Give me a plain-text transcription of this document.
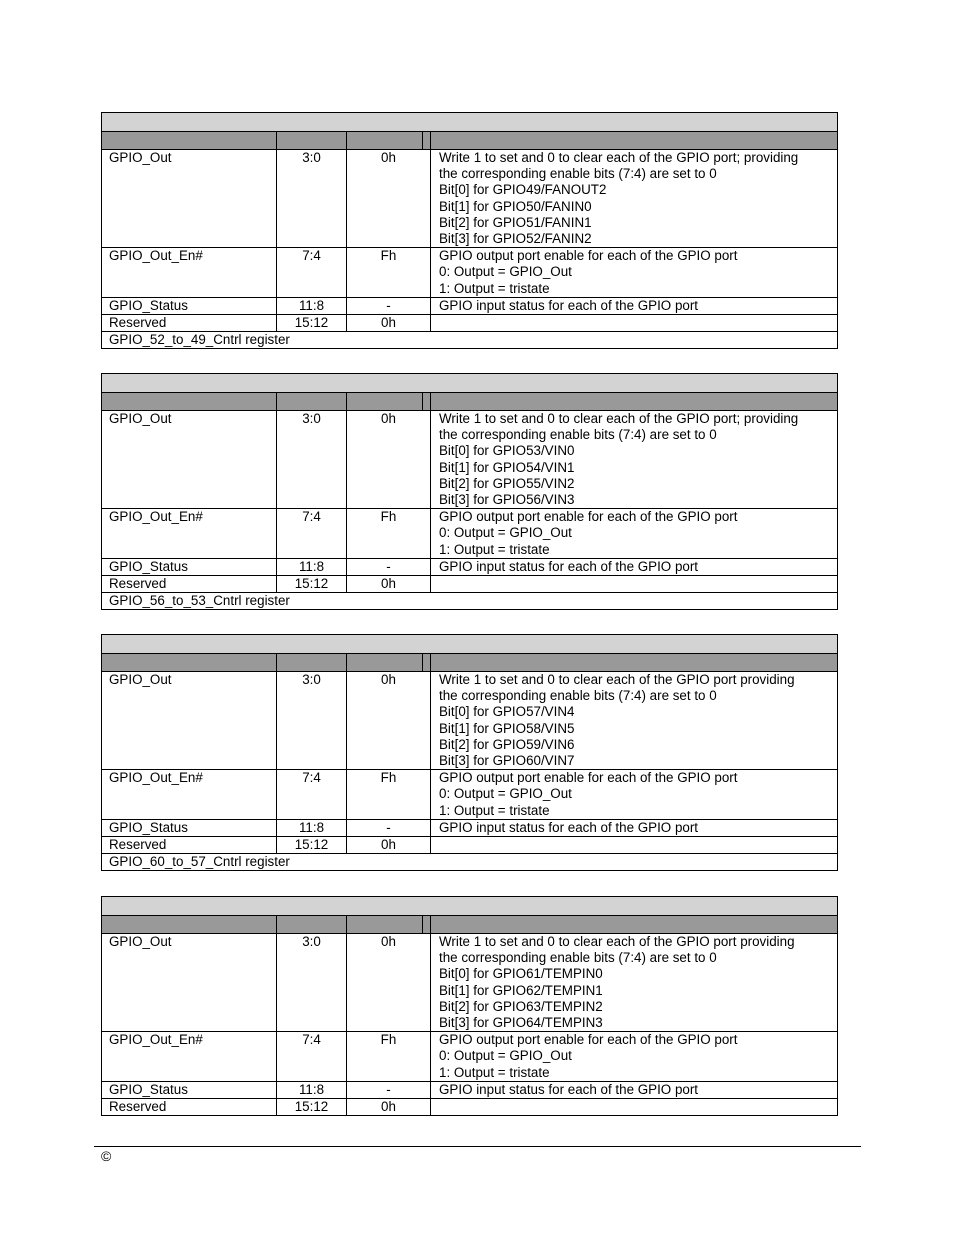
GPIO_Out	3:0	0h	Write 1 to set and 0 to clear each of the GPIO port; providing
the corresponding enable bits (7:4) are set to 0
Bit[0] for GPIO49/FANOUT2
Bit[1] for GPIO50/FANIN0
Bit[2] for GPIO51/FANIN1
Bit[3] for GPIO52/FANIN2
GPIO_Out_En#	7:4	Fh	GPIO output port enable for each of the GPIO port
0: Output = GPIO_Out
1: Output = tristate
GPIO_Status	11:8	-	GPIO input status for each of the GPIO port
Reserved	15:12	0h

GPIO_52_to_49_Cntrl register
GPIO_Out	3:0	0h	Write 1 to set and 0 to clear each of the GPIO port; providing
the corresponding enable bits (7:4) are set to 0
Bit[0] for GPIO53/VIN0
Bit[1] for GPIO54/VIN1
Bit[2] for GPIO55/VIN2
Bit[3] for GPIO56/VIN3
GPIO_Out_En#	7:4	Fh	GPIO output port enable for each of the GPIO port
0: Output = GPIO_Out
1: Output = tristate
GPIO_Status	11:8	-	GPIO input status for each of the GPIO port
Reserved	15:12	0h

GPIO_56_to_53_Cntrl register
GPIO_Out	3:0	0h	Write 1 to set and 0 to clear each of the GPIO port providing
the corresponding enable bits (7:4) are set to 0
Bit[0] for GPIO57/VIN4
Bit[1] for GPIO58/VIN5
Bit[2] for GPIO59/VIN6
Bit[3] for GPIO60/VIN7
GPIO_Out_En#	7:4	Fh	GPIO output port enable for each of the GPIO port
0: Output = GPIO_Out
1: Output = tristate
GPIO_Status	11:8	-	GPIO input status for each of the GPIO port
Reserved	15:12	0h

GPIO_60_to_57_Cntrl register
GPIO_Out	3:0	0h	Write 1 to set and 0 to clear each of the GPIO port providing
the corresponding enable bits (7:4) are set to 0
Bit[0] for GPIO61/TEMPIN0
Bit[1] for GPIO62/TEMPIN1
Bit[2] for GPIO63/TEMPIN2
Bit[3] for GPIO64/TEMPIN3
GPIO_Out_En#	7:4	Fh	GPIO output port enable for each of the GPIO port
0: Output = GPIO_Out
1: Output = tristate
GPIO_Status	11:8	-	GPIO input status for each of the GPIO port
Reserved	15:12	0h

©
